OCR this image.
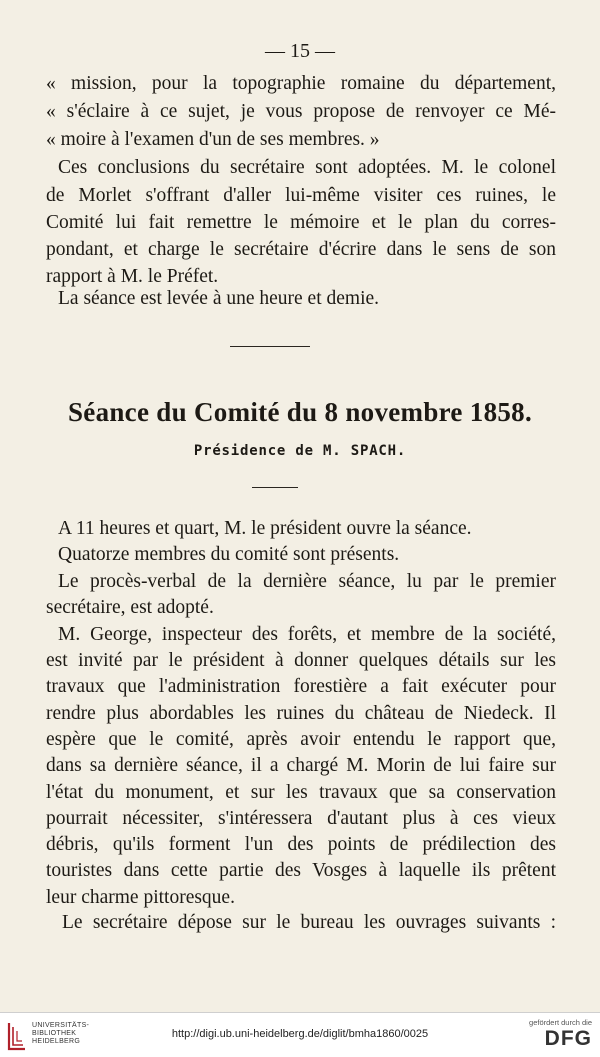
— 15 —
« mission, pour la topographie romaine du département,
« s'éclaire à ce sujet, je vous propose de renvoyer ce Mé-
« moire à l'examen d'un de ses membres. »
Ces conclusions du secrétaire sont adoptées. M. le colonel
de Morlet s'offrant d'aller lui-même visiter ces ruines, le
Comité lui fait remettre le mémoire et le plan du corres-
pondant, et charge le secrétaire d'écrire dans le sens de son
rapport à M. le Préfet.
La séance est levée à une heure et demie.
Séance du Comité du 8 novembre 1858.
Présidence de M. SPACH.
A 11 heures et quart, M. le président ouvre la séance.
Quatorze membres du comité sont présents.
Le procès-verbal de la dernière séance, lu par le premier
secrétaire, est adopté.
M. George, inspecteur des forêts, et membre de la société,
est invité par le président à donner quelques détails sur les
travaux que l'administration forestière a fait exécuter pour
rendre plus abordables les ruines du château de Niedeck. Il
espère que le comité, après avoir entendu le rapport que,
dans sa dernière séance, il a chargé M. Morin de lui faire sur
l'état du monument, et sur les travaux que sa conservation
pourrait nécessiter, s'intéressera d'autant plus à ces vieux
débris, qu'ils forment l'un des points de prédilection des
touristes dans cette partie des Vosges à laquelle ils prêtent
leur charme pittoresque.
Le secrétaire dépose sur le bureau les ouvrages suivants :
UNIVERSITÄTS-
BIBLIOTHEK
HEIDELBERG
http://digi.ub.uni-heidelberg.de/diglit/bmha1860/0025
gefördert durch die
DFG
